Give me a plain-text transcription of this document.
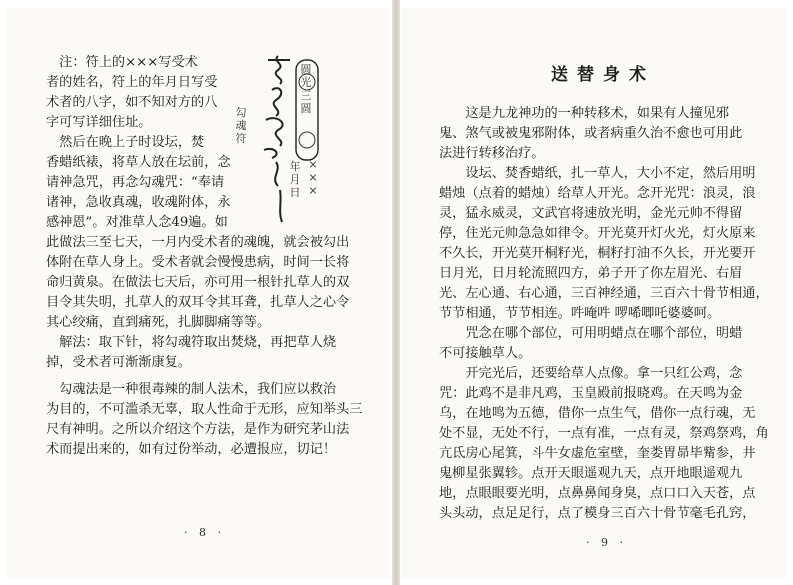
圆光 三 圆
×××
年月日
勾魂符
　注：符上的×××写受术
者的姓名，符上的年月日写受
术者的八字，如不知对方的八
字可写详细住址。
　然后在晚上子时设坛，焚
香蜡纸裱，将草人放在坛前，念
请神急咒，再念勾魂咒：“奉请
诸神，急收真魂，收魂附体，永
感神恩”。对准草人念49遍。如
此做法三至七天，一月内受术者的魂魄，就会被勾出
体附在草人身上。受术者就会慢慢患病，时间一长将
命归黄泉。在做法七天后，亦可用一根针扎草人的双
目令其失明，扎草人的双耳令其耳聋，扎草人之心令
其心绞痛，直到痛死，扎脚脚痛等等。
　解法：取下针，将勾魂符取出焚烧，再把草人烧
掉，受术者可渐渐康复。
　勾魂法是一种很毒辣的制人法术，我们应以救治
为目的，不可滥杀无辜，取人性命于无形，应知举头三
尺有神明。之所以介绍这个方法，是作为研究茅山法
术而提出来的，如有过份举动，必遭报应，切记！
· 8 ·
送替身术
　　这是九龙神功的一种转移术，如果有人撞见邪
鬼、煞气或被鬼邪附体，或者病重久治不愈也可用此
法进行转移治疗。
　　设坛、焚香蜡纸，扎一草人，大小不定，然后用明
蜡烛（点着的蜡烛）给草人开光。念开光咒：浪灵，浪
灵，猛永威灵，文武官将速放光明，金光元帅不得留
停，住光元帅急急如律令。开光莫开灯火光，灯火原来
不久长，开光莫开桐籽光，桐籽打油不久长，开光要开
日月光，日月轮流照四方，弟子开了你左眉光、右眉
光、左心通、右心通，三百神经通，三百六十骨节相通，
节节相通，节节相连。吽唵吽 啰唏唧吒婆婆呵。
　　咒念在哪个部位，可用明蜡点在哪个部位，明蜡
不可接触草人。
　　开完光后，还要给草人点像。拿一只红公鸡，念
咒：此鸡不是非凡鸡，玉皇殿前报晓鸡。在天鸣为金
乌，在地鸣为五德，借你一点生气，借你一点行魂，无
处不显，无处不行，一点有准，一点有灵，祭鸡祭鸡，角
亢氐房心尾箕，斗牛女虚危室壁，奎娄胃昴毕觜参，井
鬼柳星张翼轸。点开天眼遥观九天，点开地眼遥观九
地，点眼眼要光明，点鼻鼻闻身臭，点口口入天苍，点
头头动，点足足行，点了模身三百六十骨节毫毛孔窍，
· 9 ·
